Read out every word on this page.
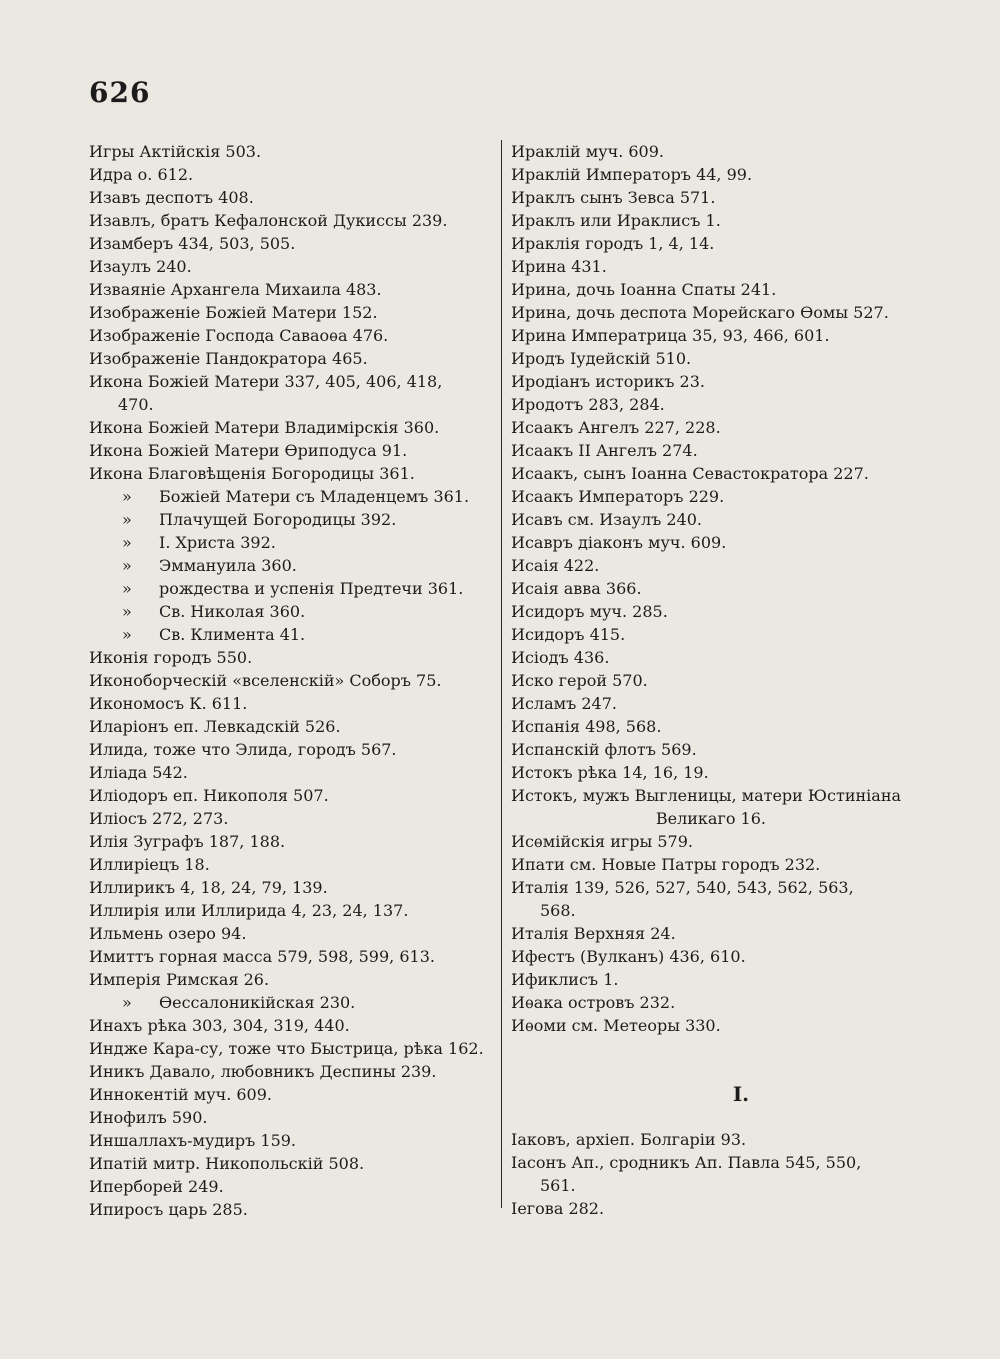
626
Игры Актійскія 503.
Идра о. 612.
Изавъ деспотъ 408.
Изавлъ, братъ Кефалонской Дукиссы 239.
Изамберъ 434, 503, 505.
Изаулъ 240.
Изваяніе Архангела Михаила 483.
Изображеніе Божіей Матери 152.
Изображеніе Господа Саваоѳа 476.
Изображеніе Пандократора 465.
Икона Божіей Матери 337, 405, 406, 418,
470.
Икона Божіей Матери Владимірскія 360.
Икона Божіей Матери Ѳриподуса 91.
Икона Благовѣщенія Богородицы 361.
» Божіей Матери съ Младенцемъ 361.
» Плачущей Богородицы 392.
» І. Христа 392.
» Эммануила 360.
» рождества и успенія Предтечи 361.
» Св. Николая 360.
» Св. Климента 41.
Иконія городъ 550.
Иконоборческій «вселенскій» Соборъ 75.
Икономосъ К. 611.
Иларіонъ еп. Левкадскій 526.
Илида, тоже что Элида, городъ 567.
Иліада 542.
Иліодоръ еп. Никополя 507.
Иліосъ 272, 273.
Илія Зуграфъ 187, 188.
Иллиріецъ 18.
Иллирикъ 4, 18, 24, 79, 139.
Иллирія или Иллирида 4, 23, 24, 137.
Ильмень озеро 94.
Имиттъ горная масса 579, 598, 599, 613.
Имперія Римская 26.
» Ѳессалоникійская 230.
Инахъ рѣка 303, 304, 319, 440.
Индже Кара-су, тоже что Быстрица, рѣка 162.
Иникъ Давало, любовникъ Деспины 239.
Иннокентій муч. 609.
Инофилъ 590.
Иншаллахъ-мудиръ 159.
Ипатій митр. Никопольскій 508.
Иперборей 249.
Ипиросъ царь 285.
Ираклій муч. 609.
Ираклій Императоръ 44, 99.
Ираклъ сынъ Зевса 571.
Ираклъ или Ираклисъ 1.
Ираклія городъ 1, 4, 14.
Ирина 431.
Ирина, дочь Іоанна Спаты 241.
Ирина, дочь деспота Морейскаго Ѳомы 527.
Ирина Императрица 35, 93, 466, 601.
Иродъ Іудейскій 510.
Иродіанъ историкъ 23.
Иродотъ 283, 284.
Исаакъ Ангелъ 227, 228.
Исаакъ II Ангелъ 274.
Исаакъ, сынъ Іоанна Севастократора 227.
Исаакъ Императоръ 229.
Исавъ см. Изаулъ 240.
Исавръ діаконъ муч. 609.
Исаія 422.
Исаія авва 366.
Исидоръ муч. 285.
Исидоръ 415.
Исіодъ 436.
Иско герой 570.
Исламъ 247.
Испанія 498, 568.
Испанскій флотъ 569.
Истокъ рѣка 14, 16, 19.
Истокъ, мужъ Выгленицы, матери Юстиніана
Великаго 16.
Исѳмійскія игры 579.
Ипати см. Новые Патры городъ 232.
Италія 139, 526, 527, 540, 543, 562, 563,
568.
Италія Верхняя 24.
Ифестъ (Вулканъ) 436, 610.
Ификлисъ 1.
Иѳака островъ 232.
Иѳоми см. Метеоры 330.
I.
Іаковъ, архіеп. Болгаріи 93.
Іасонъ Ап., сродникъ Ап. Павла 545, 550,
561.
Іегова 282.
